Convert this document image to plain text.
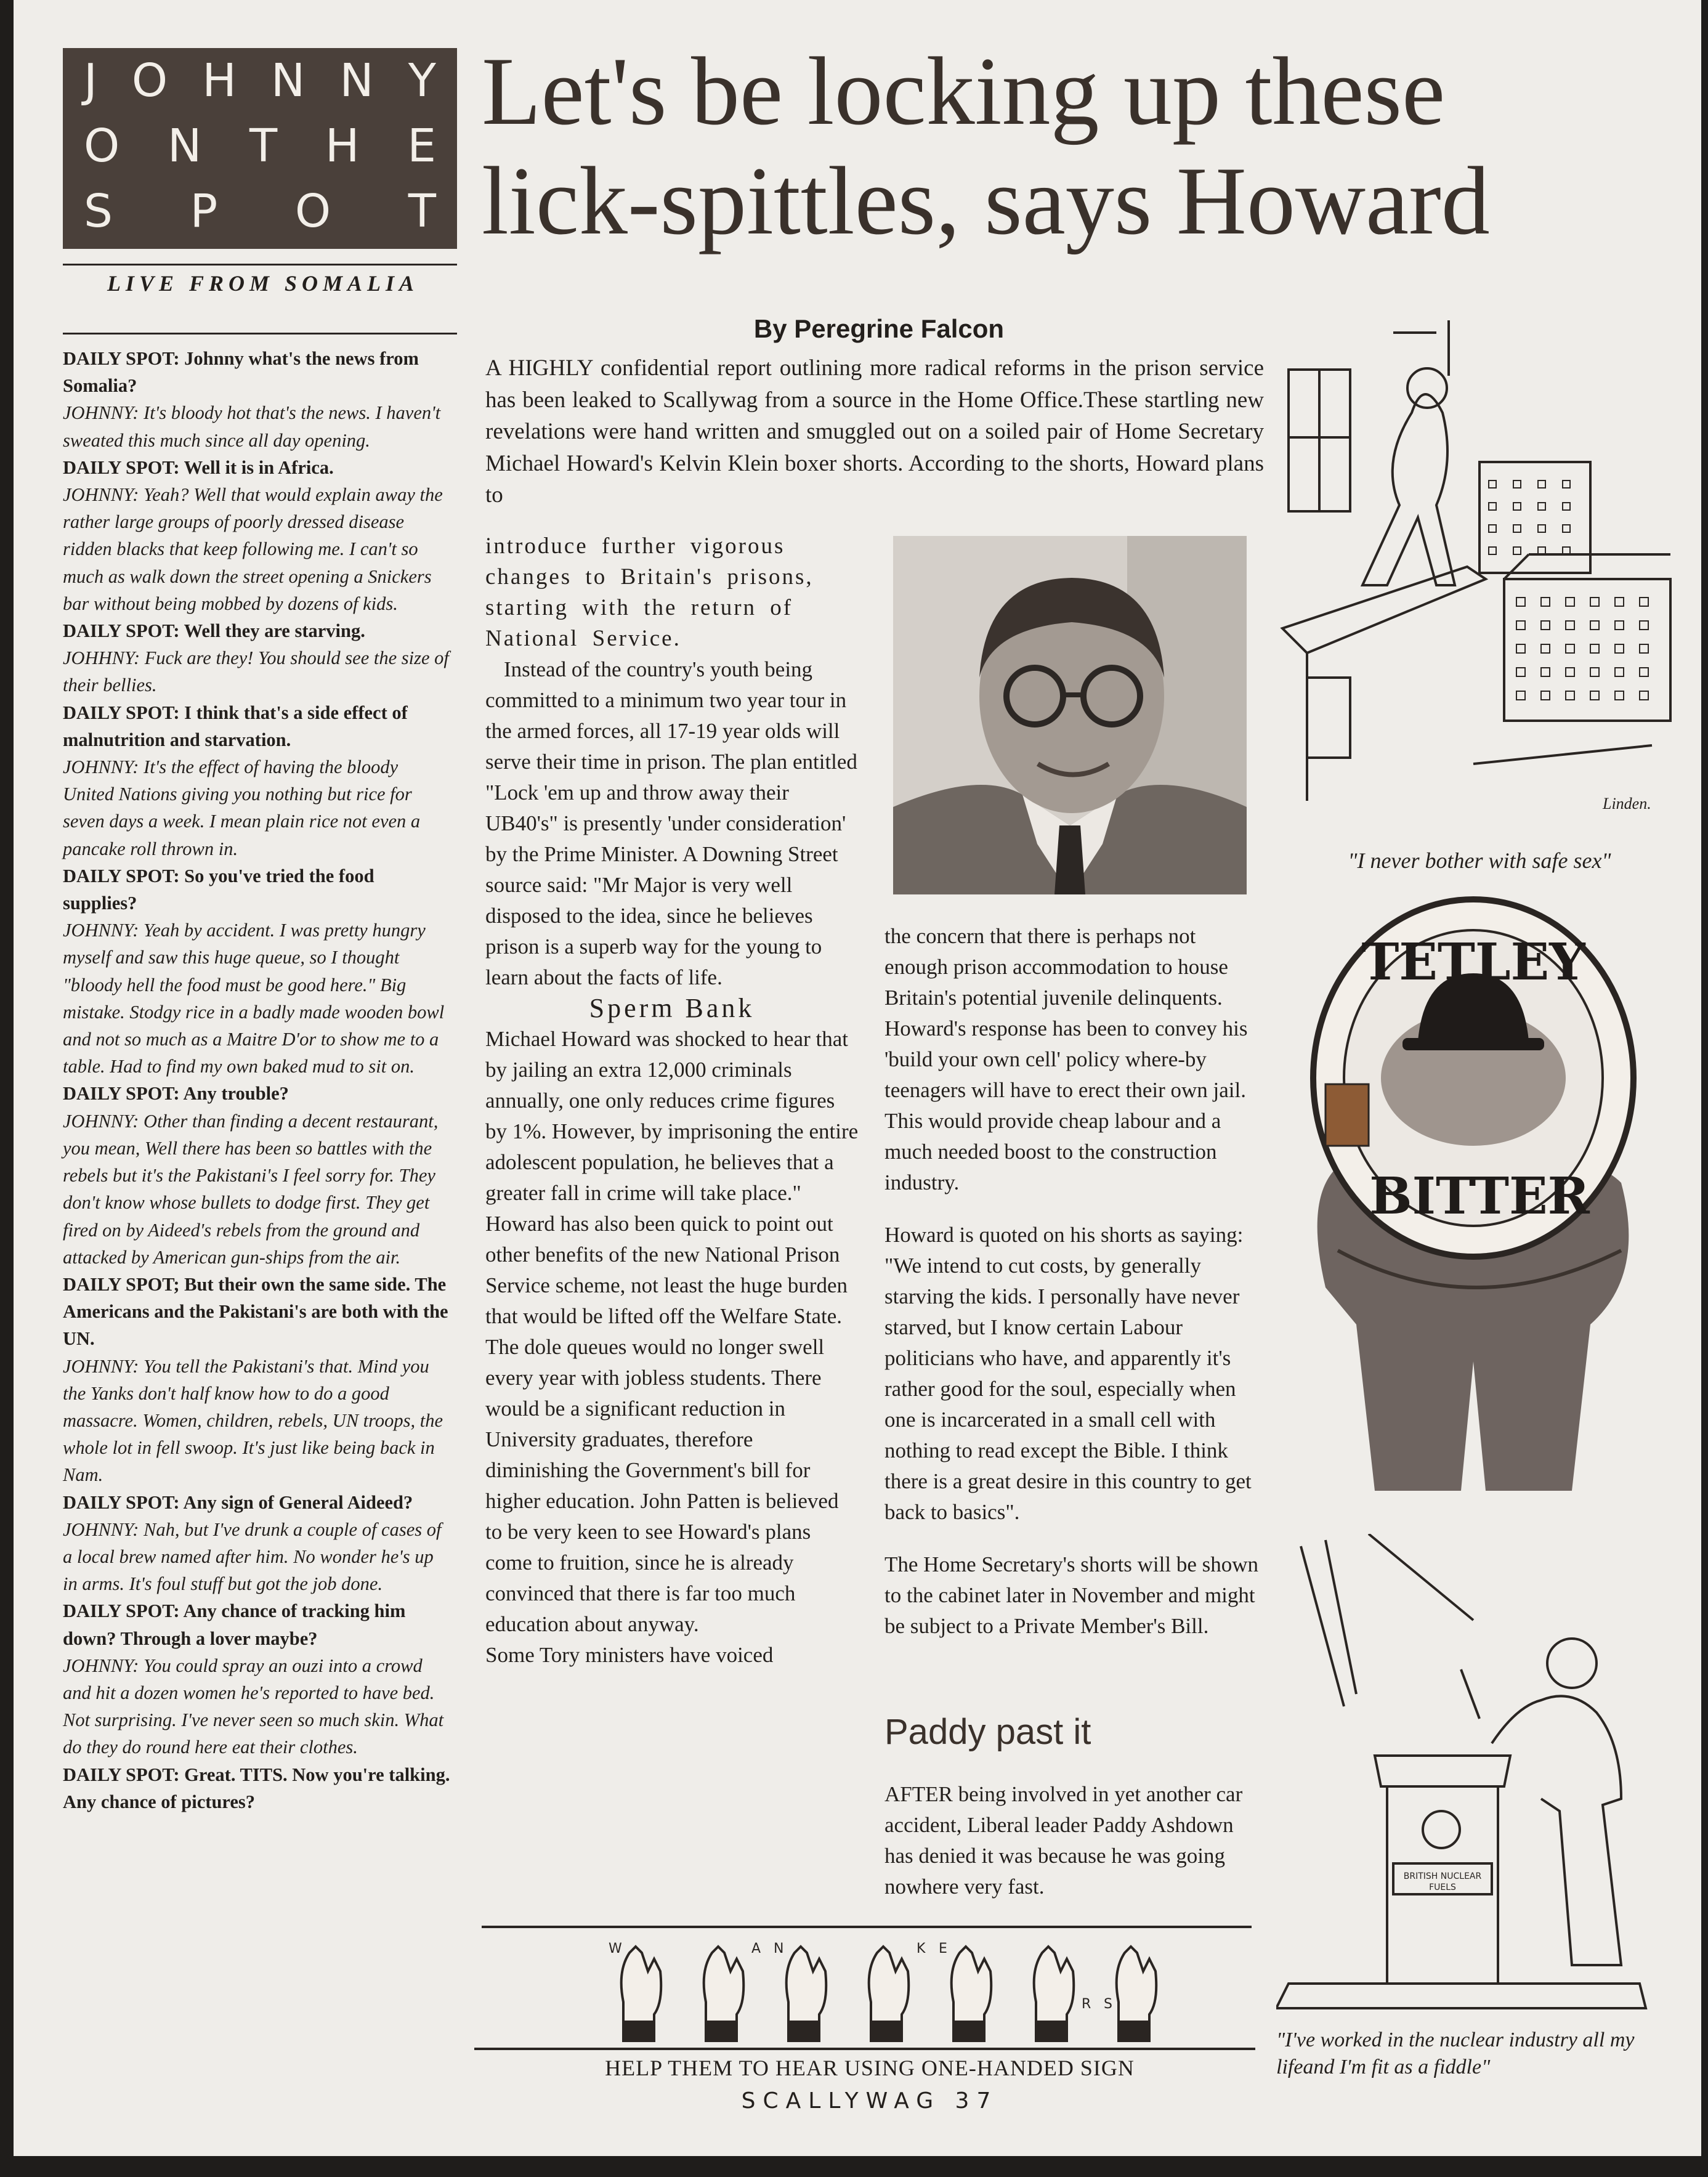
J O H N N Y
O N T H E
S P O T
LIVE FROM SOMALIA
DAILY SPOT: Johnny what's the news from Somalia?
JOHNNY: It's bloody hot that's the news. I haven't sweated this much since all day opening.
DAILY SPOT: Well it is in Africa.
JOHNNY: Yeah? Well that would explain away the rather large groups of poorly dressed disease ridden blacks that keep following me. I can't so much as walk down the street opening a Snickers bar without being mobbed by dozens of kids.
DAILY SPOT: Well they are starving.
JOHHNY: Fuck are they! You should see the size of their bellies.
DAILY SPOT: I think that's a side effect of malnutrition and starvation.
JOHNNY: It's the effect of having the bloody United Nations giving you nothing but rice for seven days a week. I mean plain rice not even a pancake roll thrown in.
DAILY SPOT: So you've tried the food supplies?
JOHNNY: Yeah by accident. I was pretty hungry myself and saw this huge queue, so I thought "bloody hell the food must be good here." Big mistake. Stodgy rice in a badly made wooden bowl and not so much as a Maitre D'or to show me to a table. Had to find my own baked mud to sit on.
DAILY SPOT: Any trouble?
JOHNNY: Other than finding a decent restaurant, you mean, Well there has been so battles with the rebels but it's the Pakistani's I feel sorry for. They don't know whose bullets to dodge first. They get fired on by Aideed's rebels from the ground and attacked by American gun-ships from the air.
DAILY SPOT; But their own the same side. The Americans and the Pakistani's are both with the UN.
JOHNNY: You tell the Pakistani's that. Mind you the Yanks don't half know how to do a good massacre. Women, children, rebels, UN troops, the whole lot in fell swoop. It's just like being back in Nam.
DAILY SPOT: Any sign of General Aideed?
JOHNNY: Nah, but I've drunk a couple of cases of a local brew named after him. No wonder he's up in arms. It's foul stuff but got the job done.
DAILY SPOT: Any chance of tracking him down? Through a lover maybe?
JOHNNY: You could spray an ouzi into a crowd and hit a dozen women he's reported to have bed. Not surprising. I've never seen so much skin. What do they do round here eat their clothes.
DAILY SPOT: Great. TITS. Now you're talking. Any chance of pictures?
Let's be locking up these
lick-spittles, says Howard
By Peregrine Falcon
A HIGHLY confidential report outlining more radical reforms in the prison service has been leaked to Scallywag from a source in the Home Office.These startling new revelations were hand written and smuggled out on a soiled pair of Home Secretary Michael Howard's Kelvin Klein boxer shorts. According to the shorts, Howard plans to

introduce further vigorous changes to Britain's prisons, starting with the return of National Service.

Instead of the country's youth being committed to a minimum two year tour in the armed forces, all 17-19 year olds will serve their time in prison. The plan entitled "Lock 'em up and throw away their UB40's" is presently 'under consideration' by the Prime Minister. A Downing Street source said: "Mr Major is very well disposed to the idea, since he believes prison is a superb way for the young to learn about the facts of life.

Sperm Bank

Michael Howard was shocked to hear that by jailing an extra 12,000 criminals annually, one only reduces crime figures by 1%. However, by imprisoning the entire adolescent population, he believes that a greater fall in crime will take place."

Howard has also been quick to point out other benefits of the new National Prison Service scheme, not least the huge burden that would be lifted off the Welfare State.

The dole queues would no longer swell every year with jobless students. There would be a significant reduction in University graduates, therefore diminishing the Government's bill for higher education. John Patten is believed to be very keen to see Howard's plans come to fruition, since he is already convinced that there is far too much education about anyway.

Some Tory ministers have voiced

the concern that there is perhaps not enough prison accommodation to house Britain's potential juvenile delinquents. Howard's response has been to convey his 'build your own cell' policy where-by teenagers will have to erect their own jail. This would provide cheap labour and a much needed boost to the construction industry.

Howard is quoted on his shorts as saying: "We intend to cut costs, by generally starving the kids. I personally have never starved, but I know certain Labour politicians who have, and apparently it's rather good for the soul, especially when one is incarcerated in a small cell with nothing to read except the Bible. I think there is a great desire in this country to get back to basics".

The Home Secretary's shorts will be shown to the cabinet later in November and might be subject to a Private Member's Bill.

Paddy past it
AFTER being involved in yet another car accident, Liberal leader Paddy Ashdown has denied it was because he was going nowhere very fast.
W	A N	K E
R S
HELP THEM TO HEAR USING ONE-HANDED SIGN
SCALLYWAG 37
Linden.
"I never bother with safe sex"
TETLEY
BITTER
BRITISH NUCLEAR
FUELS
"I've worked in the nuclear industry all my lifeand I'm fit as a fiddle"
